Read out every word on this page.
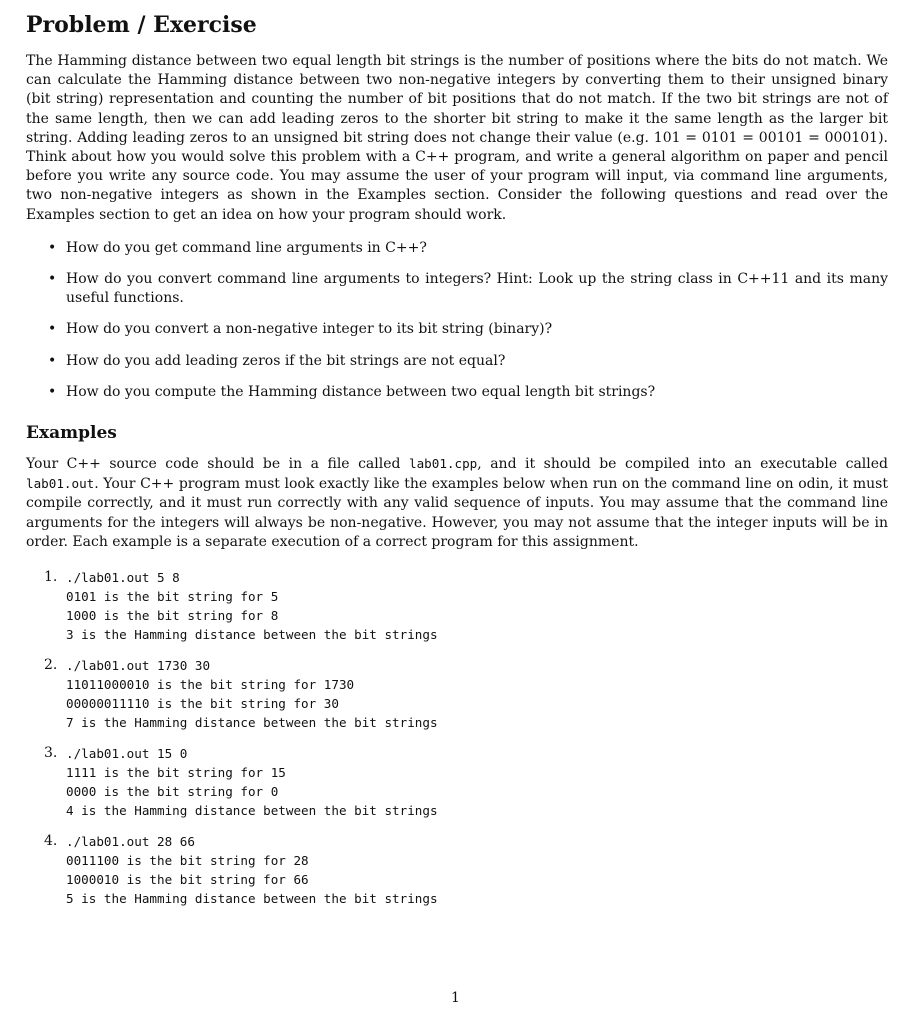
Problem / Exercise

The Hamming distance between two equal length bit strings is the number of positions where the bits do not match. We can calculate the Hamming distance between two non-negative integers by converting them to their unsigned binary (bit string) representation and counting the number of bit positions that do not match. If the two bit strings are not of the same length, then we can add leading zeros to the shorter bit string to make it the same length as the larger bit string. Adding leading zeros to an unsigned bit string does not change their value (e.g. 101 = 0101 = 00101 = 000101). Think about how you would solve this problem with a C++ program, and write a general algorithm on paper and pencil before you write any source code. You may assume the user of your program will input, via command line arguments, two non-negative integers as shown in the Examples section. Consider the following questions and read over the Examples section to get an idea on how your program should work.

• How do you get command line arguments in C++?
• How do you convert command line arguments to integers? Hint: Look up the string class in C++11 and its many useful functions.
• How do you convert a non-negative integer to its bit string (binary)?
• How do you add leading zeros if the bit strings are not equal?
• How do you compute the Hamming distance between two equal length bit strings?
Examples

Your C++ source code should be in a file called lab01.cpp, and it should be compiled into an executable called lab01.out. Your C++ program must look exactly like the examples below when run on the command line on odin, it must compile correctly, and it must run correctly with any valid sequence of inputs. You may assume that the command line arguments for the integers will always be non-negative. However, you may not assume that the integer inputs will be in order. Each example is a separate execution of a correct program for this assignment.

1. ./lab01.out 5 8
0101 is the bit string for 5
1000 is the bit string for 8
3 is the Hamming distance between the bit strings
2. ./lab01.out 1730 30
11011000010 is the bit string for 1730
00000011110 is the bit string for 30
7 is the Hamming distance between the bit strings
3. ./lab01.out 15 0
1111 is the bit string for 15
0000 is the bit string for 0
4 is the Hamming distance between the bit strings
4. ./lab01.out 28 66
0011100 is the bit string for 28
1000010 is the bit string for 66
5 is the Hamming distance between the bit strings
1
